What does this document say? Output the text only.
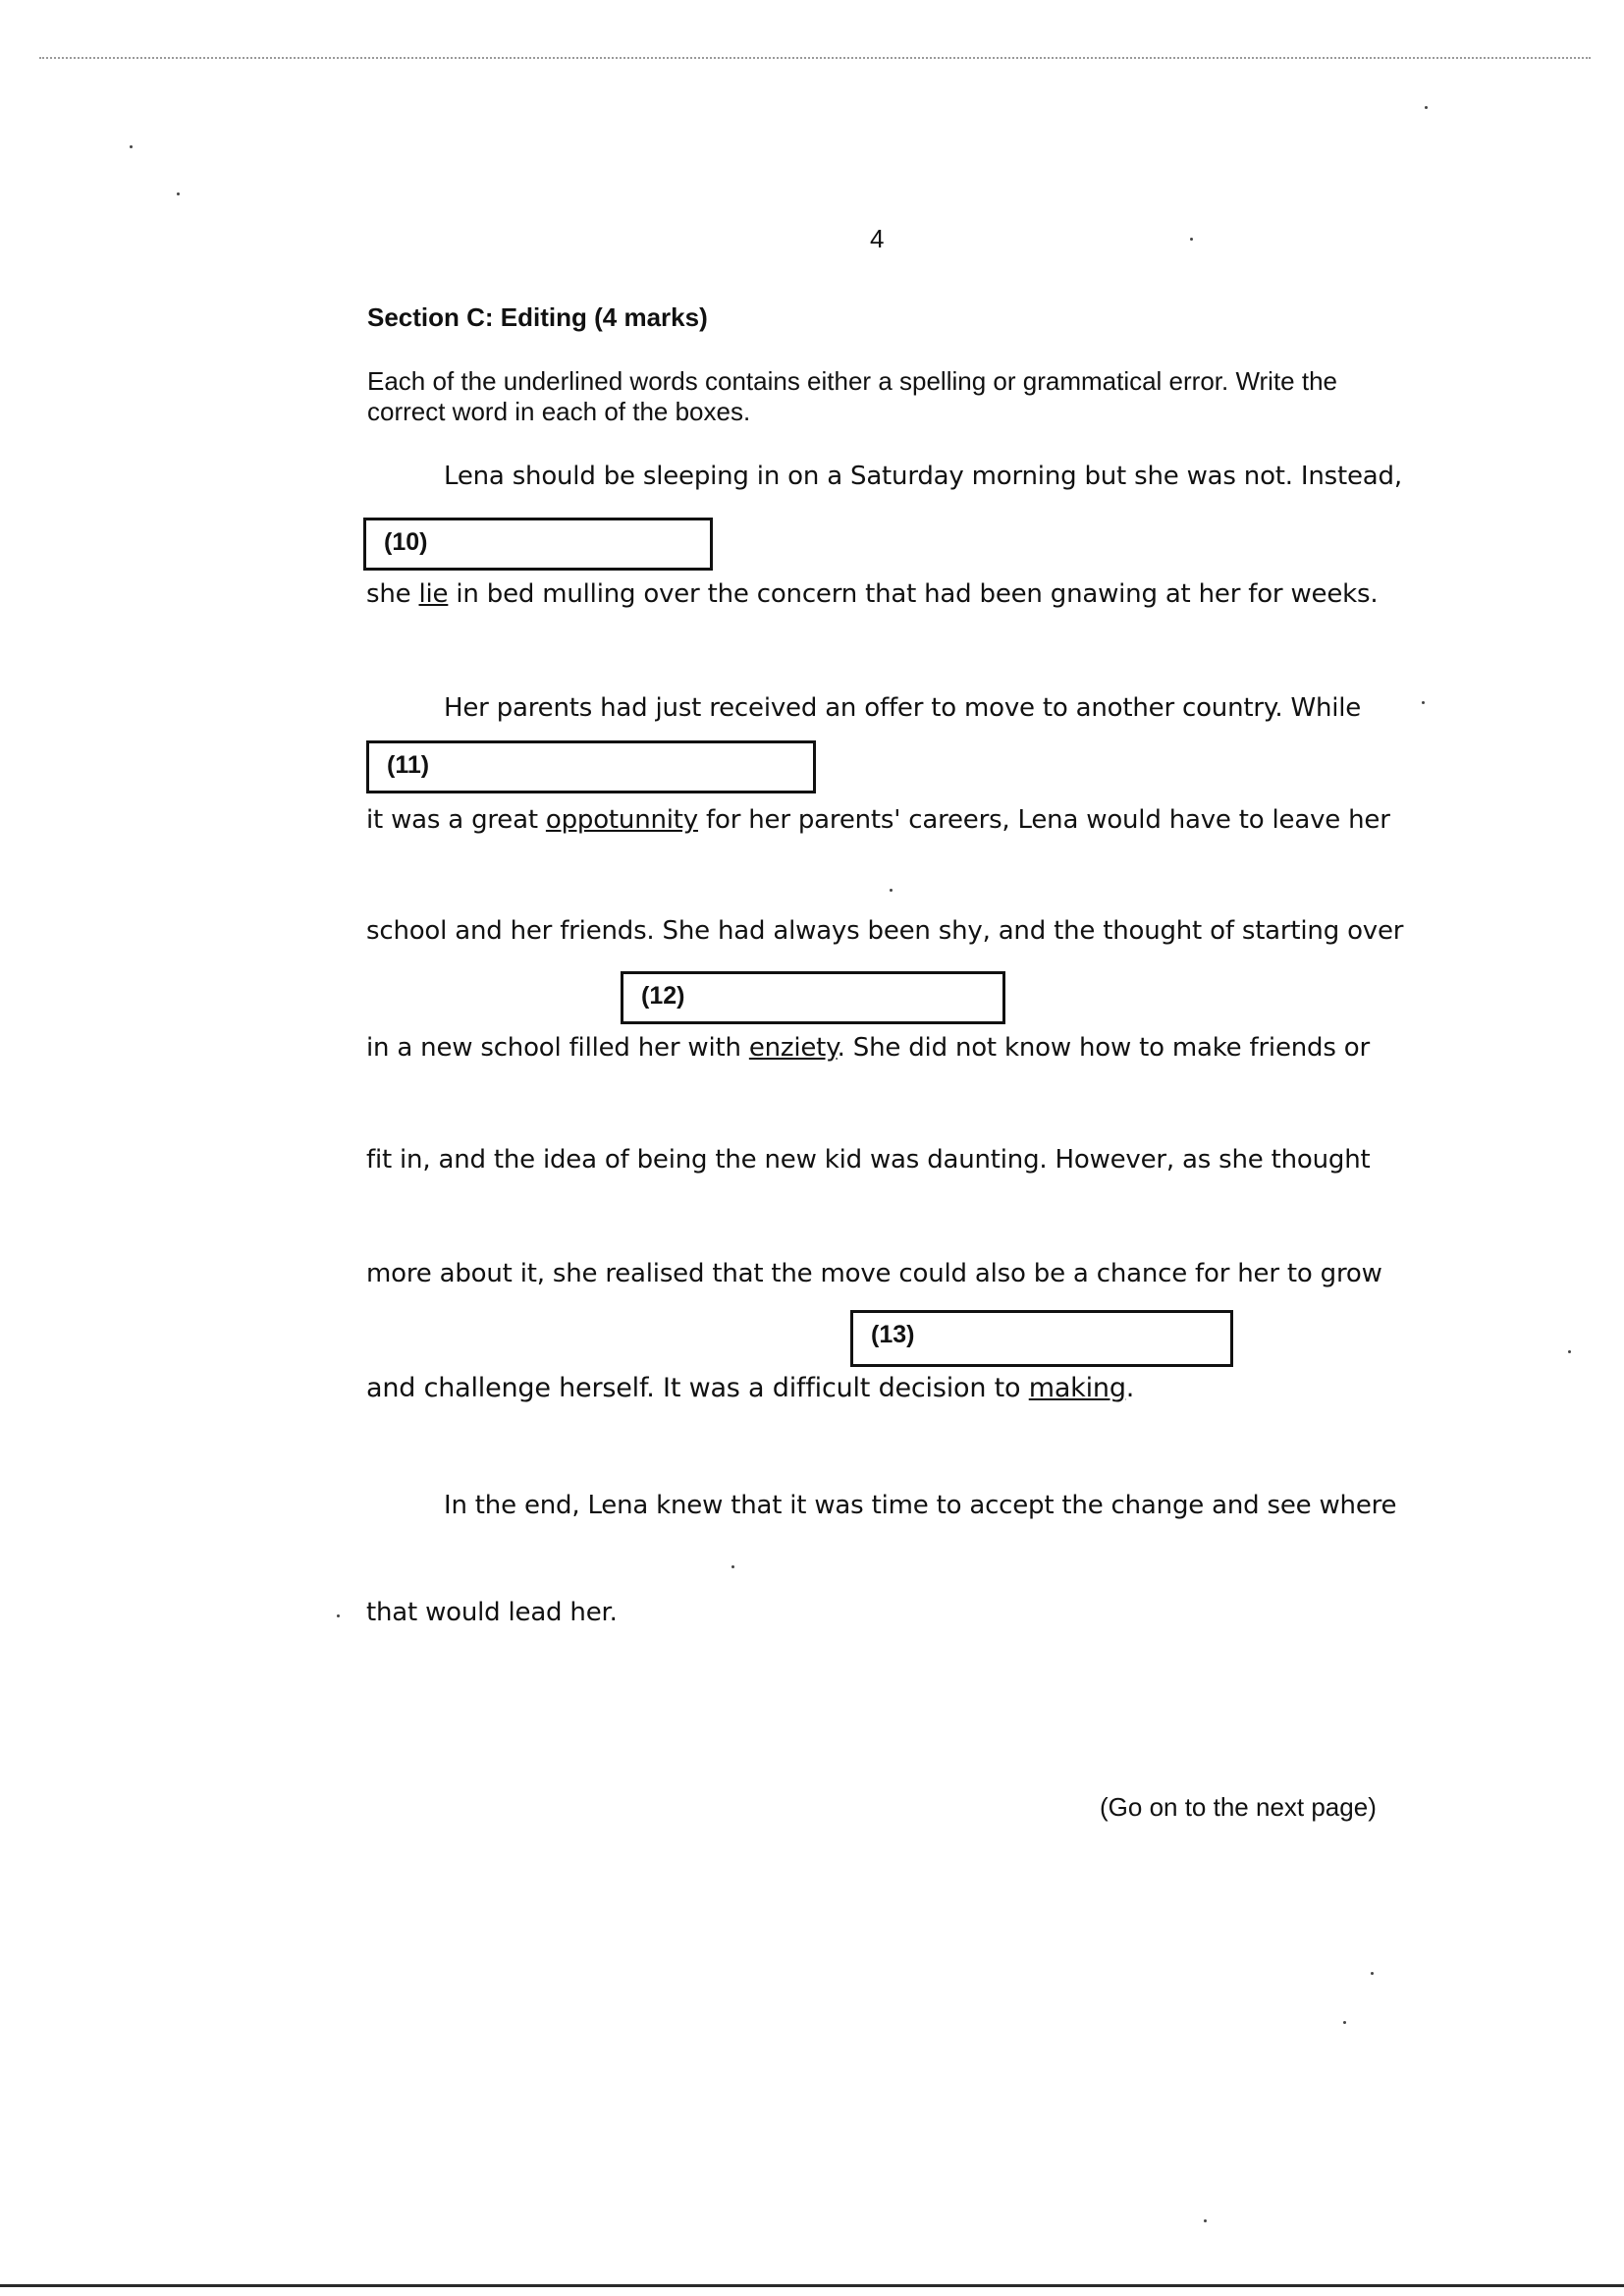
4
Section C: Editing (4 marks)
Each of the underlined words contains either a spelling or grammatical error. Write the correct word in each of the boxes.
Lena should be sleeping in on a Saturday morning but she was not. Instead,
(10)
she lie in bed mulling over the concern that had been gnawing at her for weeks.
Her parents had just received an offer to move to another country. While
(11)
it was a great oppotunnity for her parents' careers, Lena would have to leave her
school and her friends. She had always been shy, and the thought of starting over
(12)
in a new school filled her with enziety. She did not know how to make friends or
fit in, and the idea of being the new kid was daunting. However, as she thought
more about it, she realised that the move could also be a chance for her to grow
(13)
and challenge herself. It was a difficult decision to making.
In the end, Lena knew that it was time to accept the change and see where
that would lead her.
(Go on to the next page)
